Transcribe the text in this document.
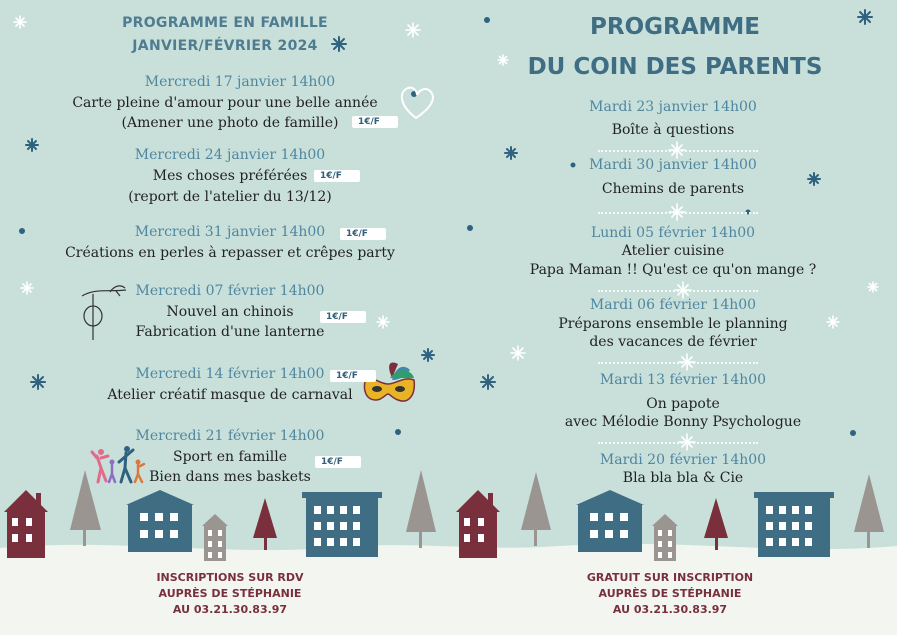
PROGRAMME EN FAMILLE
JANVIER/FÉVRIER 2024
Mercredi 17 janvier 14h00
Carte pleine d'amour pour une belle année
(Amener une photo de famille)	1€/F
Mercredi 24 janvier 14h00
Mes choses préférées	1€/F
(report de l'atelier du 13/12)
Mercredi 31 janvier 14h00	1€/F
Créations en perles à repasser et crêpes party
Mercredi 07 février 14h00
Nouvel an chinois	1€/F
Fabrication d'une lanterne
Mercredi 14 février 14h00	1€/F
Atelier créatif masque de carnaval
Mercredi 21 février 14h00
Sport en famille	1€/F
Bien dans mes baskets
INSCRIPTIONS SUR RDV
AUPRÈS DE STÉPHANIE
AU 03.21.30.83.97
PROGRAMME
DU COIN DES PARENTS
Mardi 23 janvier 14h00
Boîte à questions
Mardi 30 janvier 14h00
Chemins de parents
Lundi 05 février 14h00
Atelier cuisine
Papa Maman !! Qu'est ce qu'on mange ?
Mardi 06 février 14h00
Préparons ensemble le planning
des vacances de février
Mardi 13 février 14h00
On papote
avec Mélodie Bonny Psychologue
Mardi 20 février 14h00
Bla bla bla & Cie
GRATUIT SUR INSCRIPTION
AUPRÈS DE STÉPHANIE
AU 03.21.30.83.97
